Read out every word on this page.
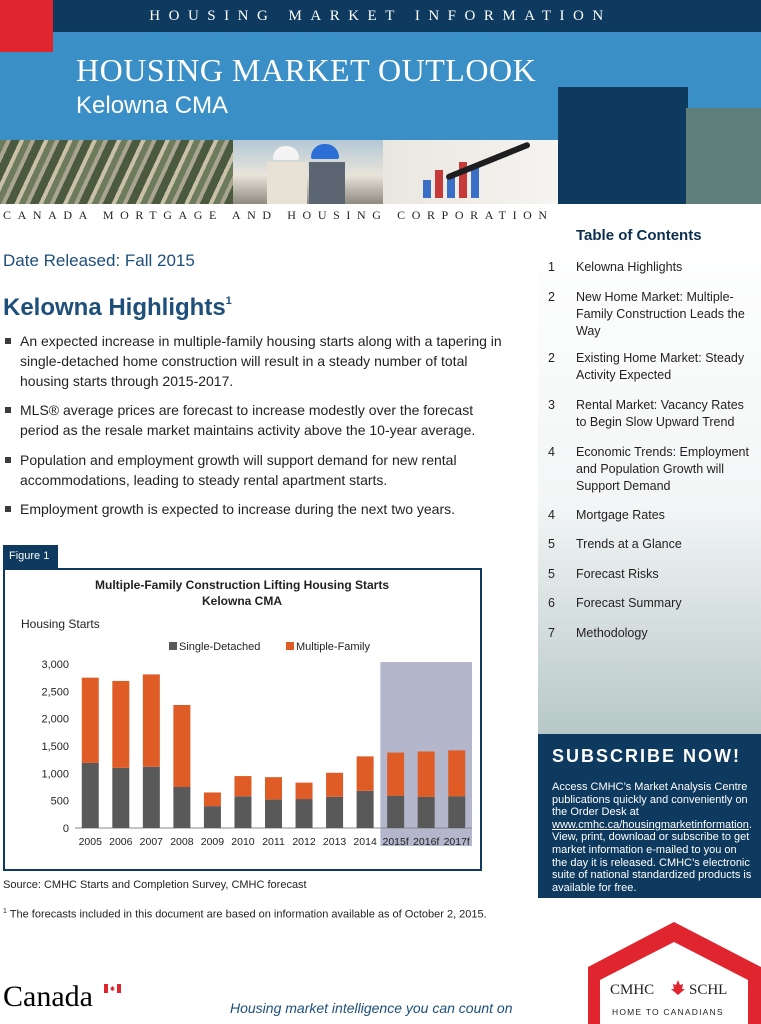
HOUSING MARKET INFORMATION
HOUSING MARKET OUTLOOK
Kelowna CMA
CANADA MORTGAGE AND HOUSING CORPORATION
Table of Contents
1	Kelowna Highlights
2	New Home Market: Multiple-Family Construction Leads the Way
2	Existing Home Market: Steady Activity Expected
3	Rental Market: Vacancy Rates to Begin Slow Upward Trend
4	Economic Trends: Employment and Population Growth will Support Demand
4	Mortgage Rates
5	Trends at a Glance
5	Forecast Risks
6	Forecast Summary
7	Methodology
SUBSCRIBE NOW!

Access CMHC’s Market Analysis Centre publications quickly and conveniently on the Order Desk at www.cmhc.ca/housingmarketinformation. View, print, download or subscribe to get market information e-mailed to you on the day it is released. CMHC’s electronic suite of national standardized products is available for free.

Date Released: Fall 2015
Kelowna Highlights$^1$
An expected increase in multiple-family housing starts along with a tapering in single-detached home construction will result in a steady number of total housing starts through 2015-2017.
MLS® average prices are forecast to increase modestly over the forecast period as the resale market maintains activity above the 10-year average.
Population and employment growth will support demand for new rental accommodations, leading to steady rental apartment starts.
Employment growth is expected to increase during the next two years.
Figure 1
Multiple-Family Construction Lifting Housing Starts
Kelowna CMA
Housing Starts
Single-Detached	Multiple-Family
0
500
1,000
1,500
2,000
2,500
3,000
2005 2006 2007 2008 2009 2010 2011 2012 2013 2014 2015f 2016f 2017f
Source: CMHC Starts and Completion Survey, CMHC forecast
$^1$ The forecasts included in this document are based on information available as of October 2, 2015.
Canada	Housing market intelligence you can count on
CMHC SCHL
HOME TO CANADIANS
